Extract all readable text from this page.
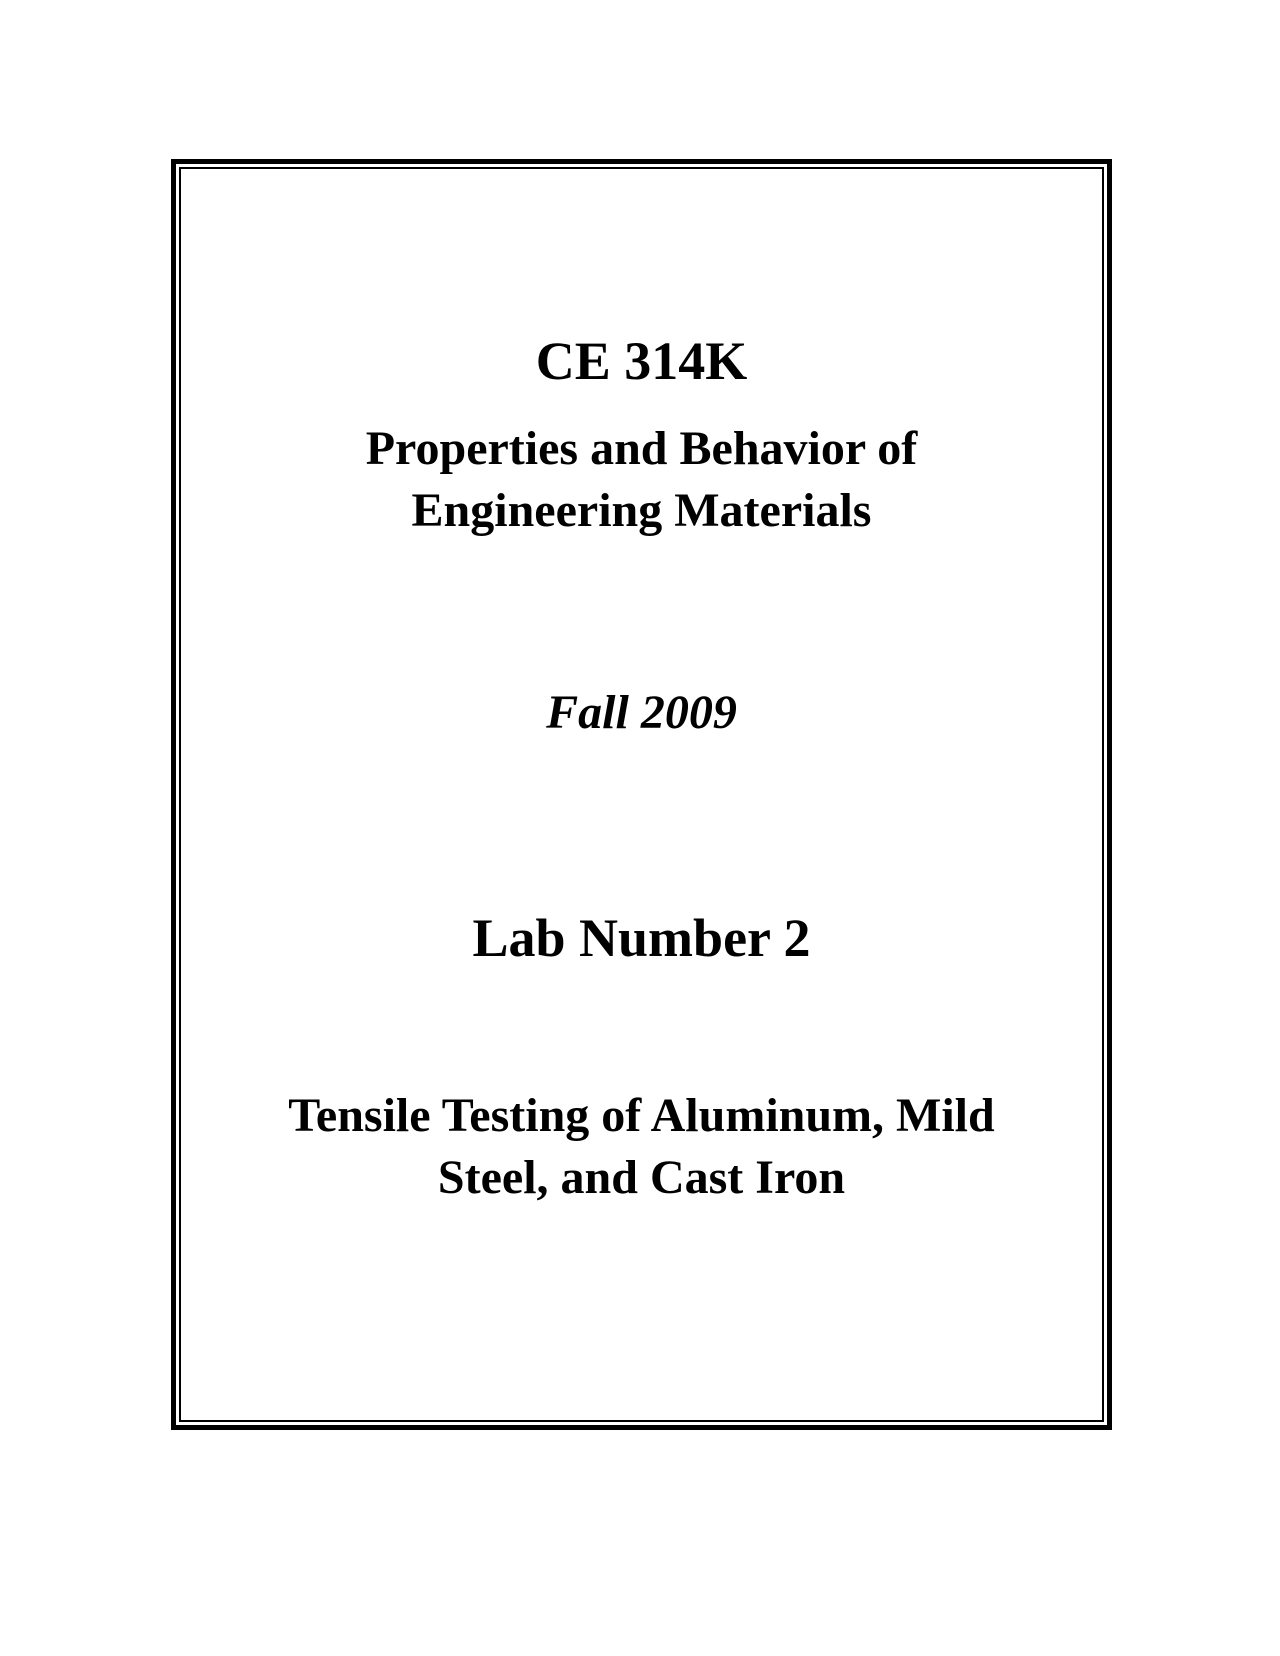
CE 314K
Properties and Behavior of
Engineering Materials

Fall 2009

Lab Number 2
Tensile Testing of Aluminum, Mild
Steel, and Cast Iron
